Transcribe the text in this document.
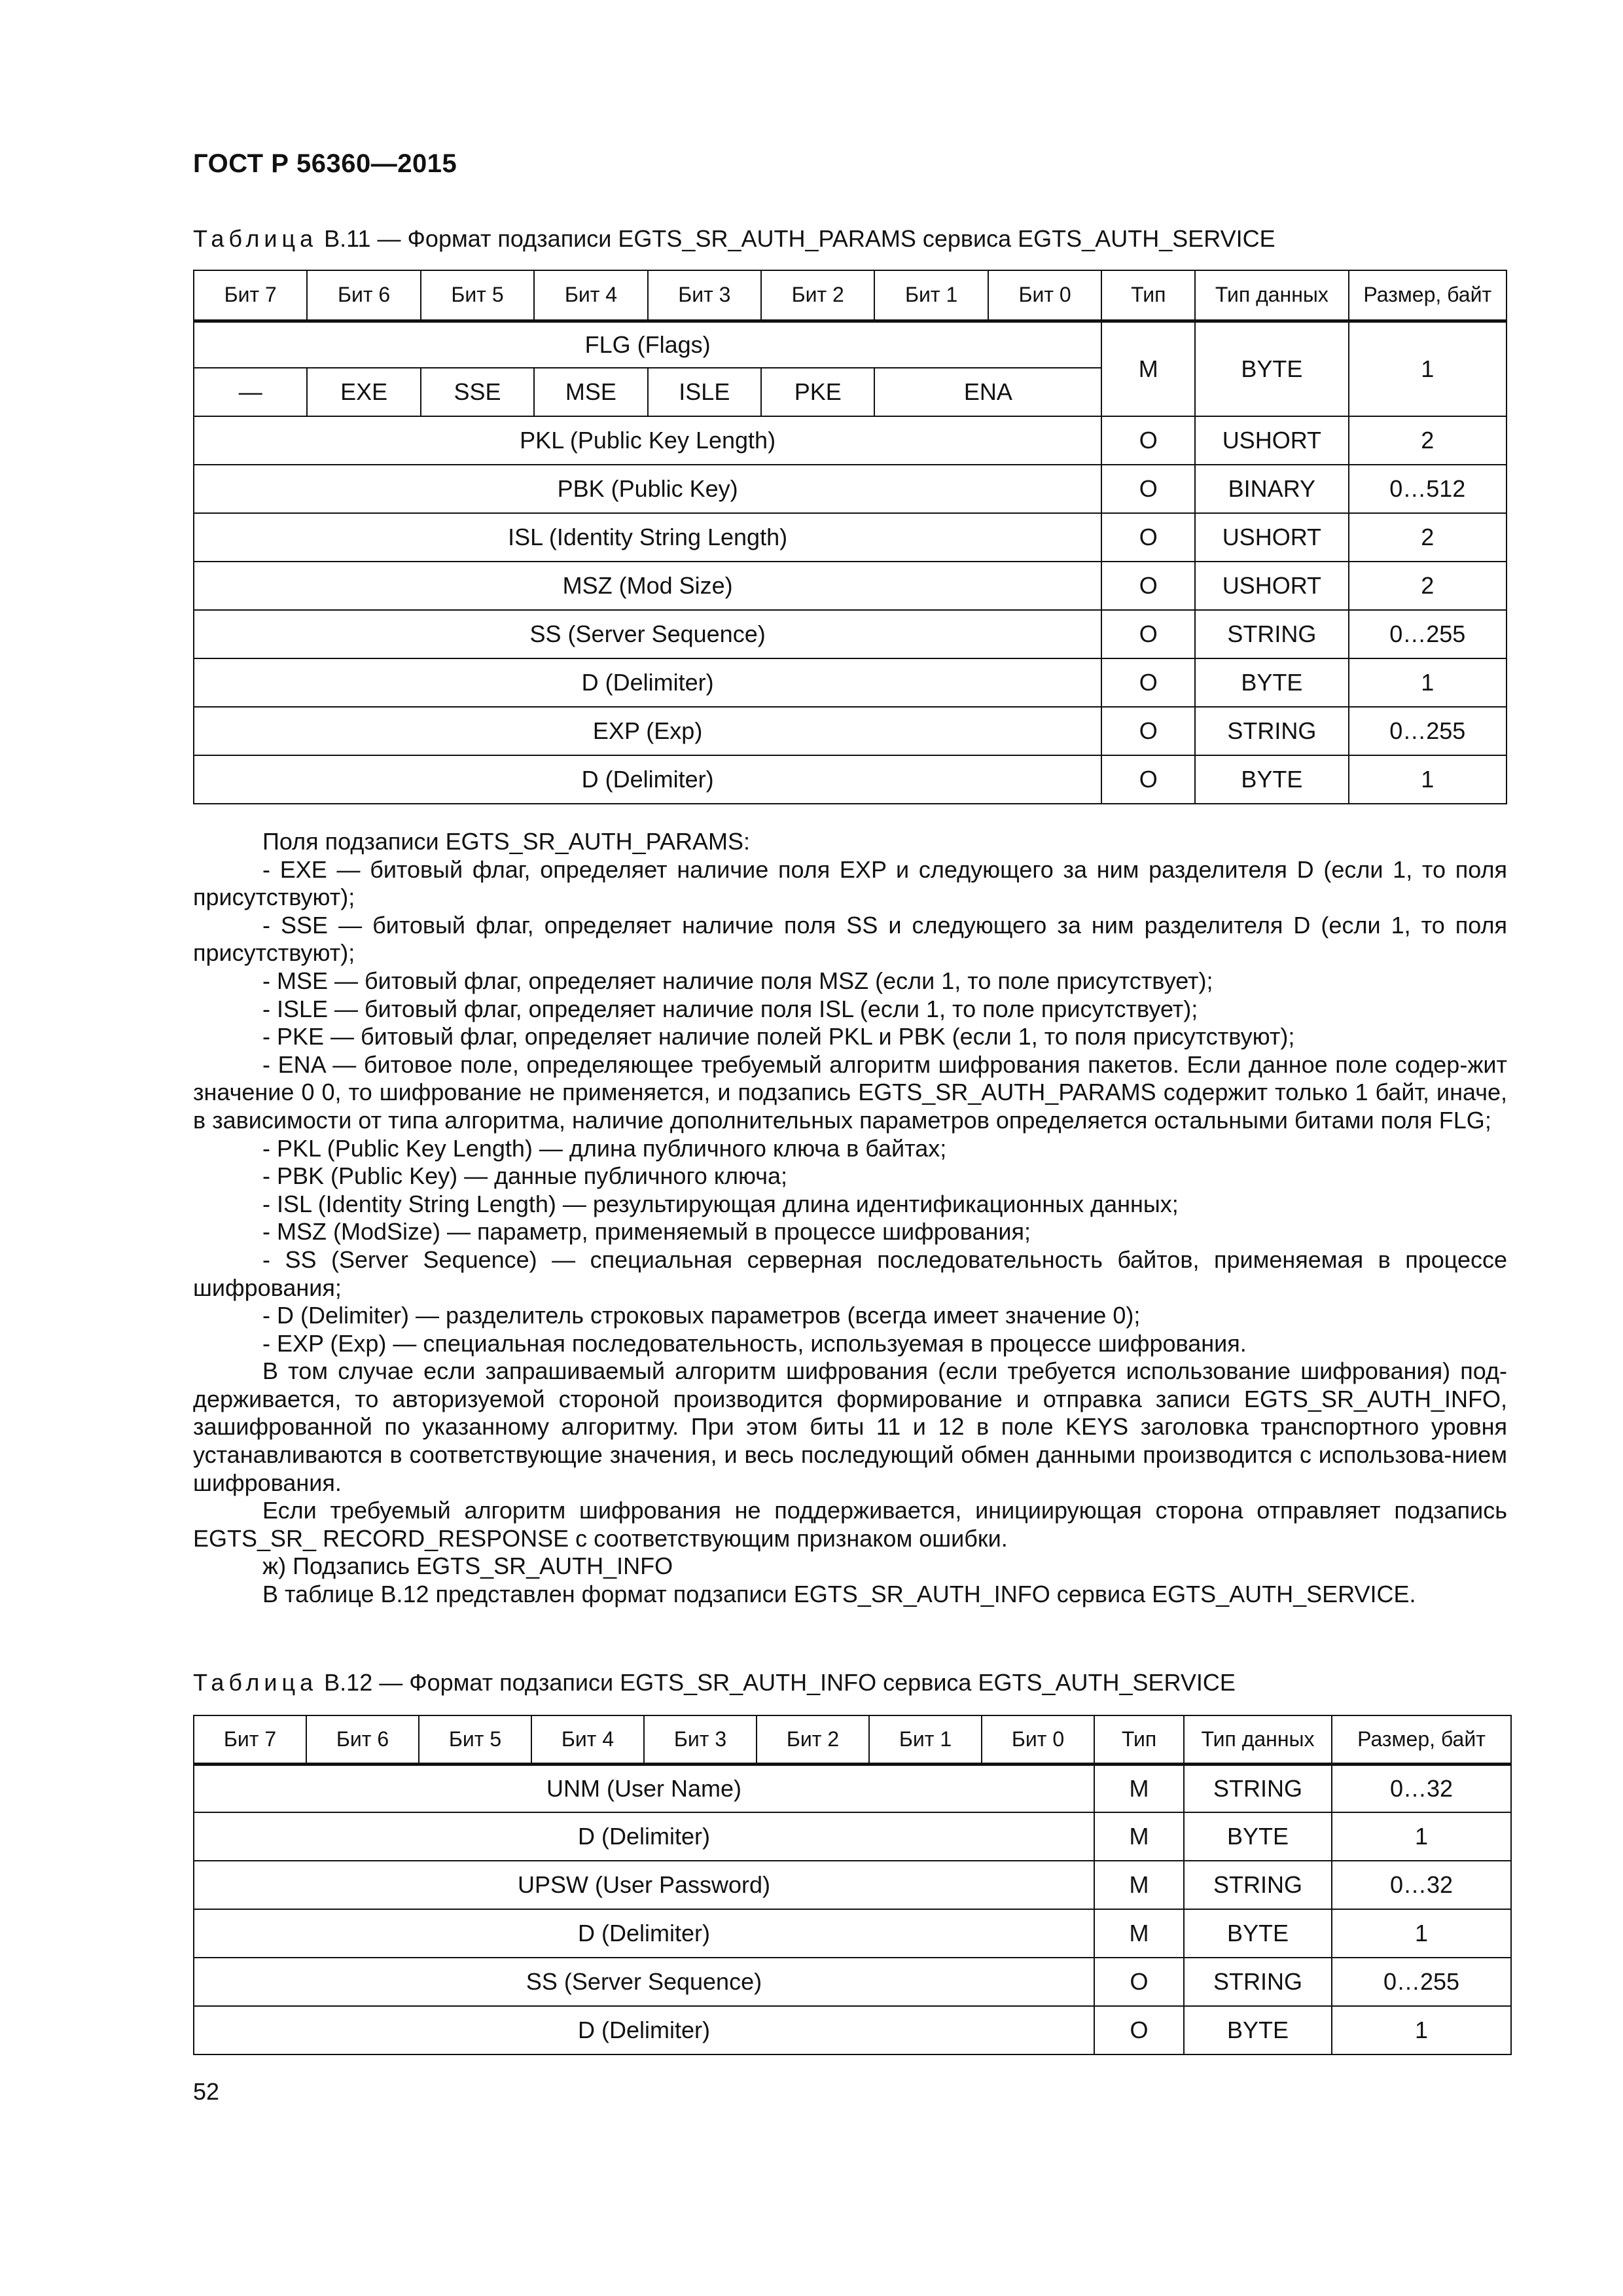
ГОСТ Р 56360—2015
Таблица В.11 — Формат подзаписи EGTS_SR_AUTH_PARAMS сервиса EGTS_AUTH_SERVICE
Бит 7	Бит 6	Бит 5	Бит 4	Бит 3	Бит 2	Бит 1	Бит 0	Тип	Тип данных	Размер, байт
FLG (Flags)								M	BYTE	1
—	EXE	SSE	MSE	ISLE	PKE	ENA				
PKL (Public Key Length)								O	USHORT	2
PBK (Public Key)								O	BINARY	0…512
ISL (Identity String Length)								O	USHORT	2
MSZ (Mod Size)								O	USHORT	2
SS (Server Sequence)								O	STRING	0…255
D (Delimiter)								O	BYTE	1
EXP (Exp)								O	STRING	0…255
D (Delimiter)								O	BYTE	1

Поля подзаписи EGTS_SR_AUTH_PARAMS:

- EXE — битовый флаг, определяет наличие поля EXP и следующего за ним разделителя D (если 1, то поля присутствуют);

- SSE — битовый флаг, определяет наличие поля SS и следующего за ним разделителя D (если 1, то поля присутствуют);

- MSE — битовый флаг, определяет наличие поля MSZ (если 1, то поле присутствует);

- ISLE — битовый флаг, определяет наличие поля ISL (если 1, то поле присутствует);

- PKE — битовый флаг, определяет наличие полей PKL и PBK (если 1, то поля присутствуют);

- ENA — битовое поле, определяющее требуемый алгоритм шифрования пакетов. Если данное поле содер-жит значение 0 0, то шифрование не применяется, и подзапись EGTS_SR_AUTH_PARAMS содержит только 1 байт, иначе, в зависимости от типа алгоритма, наличие дополнительных параметров определяется остальными битами поля FLG;

- PKL (Public Key Length) — длина публичного ключа в байтах;

- PBK (Public Key) — данные публичного ключа;

- ISL (Identity String Length) — результирующая длина идентификационных данных;

- MSZ (ModSize) — параметр, применяемый в процессе шифрования;

- SS (Server Sequence) — специальная серверная последовательность байтов, применяемая в процессе шифрования;

- D (Delimiter) — разделитель строковых параметров (всегда имеет значение 0);

- EXP (Exp) — специальная последовательность, используемая в процессе шифрования.

В том случае если запрашиваемый алгоритм шифрования (если требуется использование шифрования) под-держивается, то авторизуемой стороной производится формирование и отправка записи EGTS_SR_AUTH_INFO, зашифрованной по указанному алгоритму. При этом биты 11 и 12 в поле KEYS заголовка транспортного уровня устанавливаются в соответствующие значения, и весь последующий обмен данными производится с использова-нием шифрования.

Если требуемый алгоритм шифрования не поддерживается, инициирующая сторона отправляет подзапись EGTS_SR_ RECORD_RESPONSE с соответствующим признаком ошибки.

ж) Подзапись EGTS_SR_AUTH_INFO

В таблице В.12 представлен формат подзаписи EGTS_SR_AUTH_INFO сервиса EGTS_AUTH_SERVICE.

Таблица В.12 — Формат подзаписи EGTS_SR_AUTH_INFO сервиса EGTS_AUTH_SERVICE
Бит 7	Бит 6	Бит 5	Бит 4	Бит 3	Бит 2	Бит 1	Бит 0	Тип	Тип данных	Размер, байт
UNM (User Name)								M	STRING	0…32
D (Delimiter)								M	BYTE	1
UPSW (User Password)								M	STRING	0…32
D (Delimiter)								M	BYTE	1
SS (Server Sequence)								O	STRING	0…255
D (Delimiter)								O	BYTE	1
52
